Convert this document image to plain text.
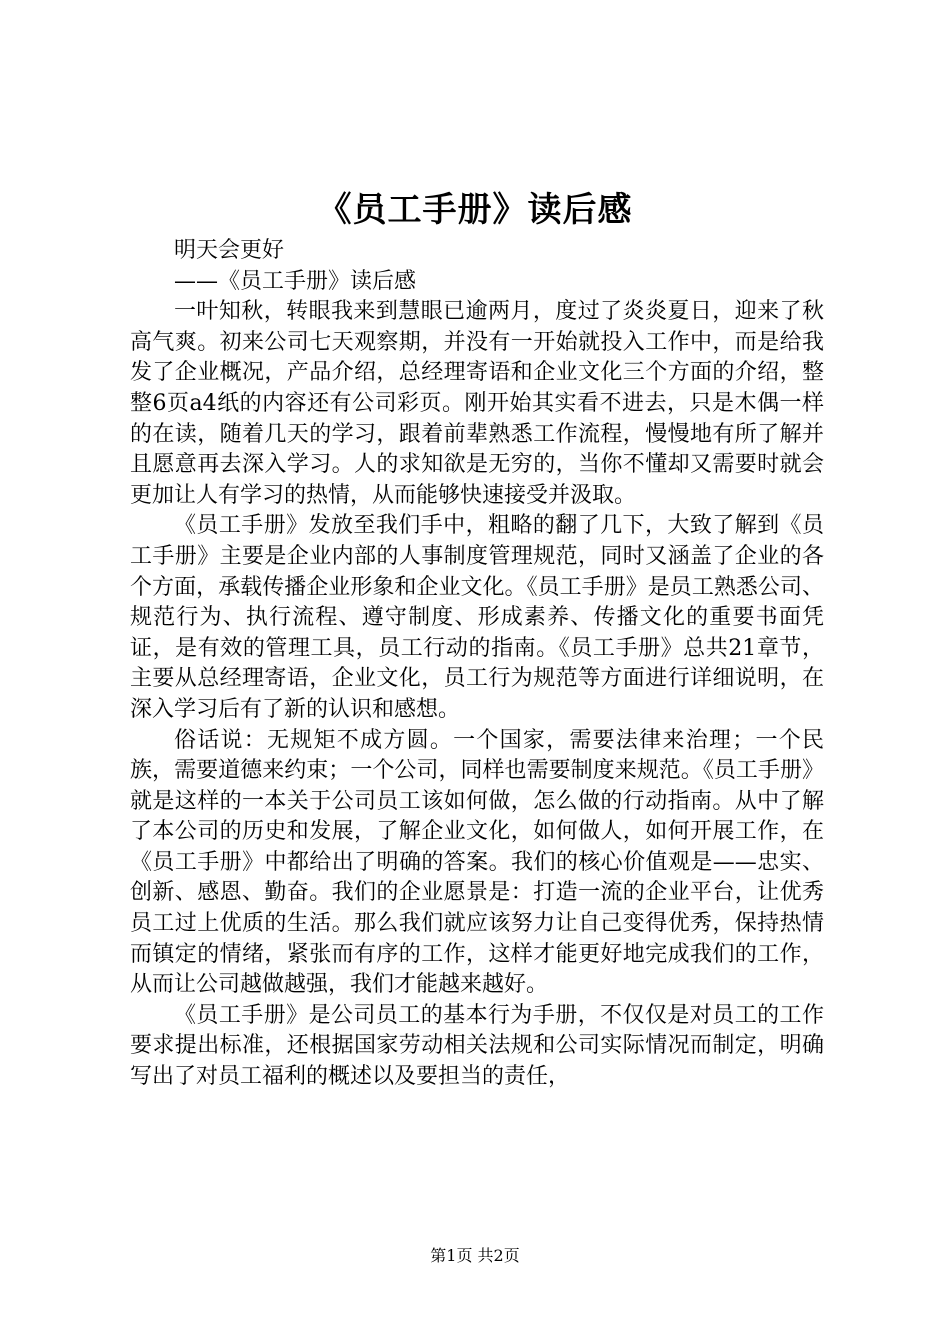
《员工手册》读后感

明天会更好

——《员工手册》读后感

一叶知秋，转眼我来到慧眼已逾两月，度过了炎炎夏日，迎来了秋高气爽。初来公司七天观察期，并没有一开始就投入工作中，而是给我发了企业概况，产品介绍，总经理寄语和企业文化三个方面的介绍，整整6页a4纸的内容还有公司彩页。刚开始其实看不进去，只是木偶一样的在读，随着几天的学习，跟着前辈熟悉工作流程，慢慢地有所了解并且愿意再去深入学习。人的求知欲是无穷的，当你不懂却又需要时就会更加让人有学习的热情，从而能够快速接受并汲取。

《员工手册》发放至我们手中，粗略的翻了几下，大致了解到《员工手册》主要是企业内部的人事制度管理规范，同时又涵盖了企业的各个方面，承载传播企业形象和企业文化。《员工手册》是员工熟悉公司、规范行为、执行流程、遵守制度、形成素养、传播文化的重要书面凭证，是有效的管理工具，员工行动的指南。《员工手册》总共21章节，主要从总经理寄语，企业文化，员工行为规范等方面进行详细说明，在深入学习后有了新的认识和感想。

俗话说：无规矩不成方圆。一个国家，需要法律来治理；一个民族，需要道德来约束；一个公司，同样也需要制度来规范。《员工手册》就是这样的一本关于公司员工该如何做，怎么做的行动指南。从中了解了本公司的历史和发展，了解企业文化，如何做人，如何开展工作，在《员工手册》中都给出了明确的答案。我们的核心价值观是——忠实、创新、感恩、勤奋。我们的企业愿景是：打造一流的企业平台，让优秀员工过上优质的生活。那么我们就应该努力让自己变得优秀，保持热情而镇定的情绪，紧张而有序的工作，这样才能更好地完成我们的工作，从而让公司越做越强，我们才能越来越好。

《员工手册》是公司员工的基本行为手册，不仅仅是对员工的工作要求提出标准，还根据国家劳动相关法规和公司实际情况而制定，明确写出了对员工福利的概述以及要担当的责任，

第1页 共2页
